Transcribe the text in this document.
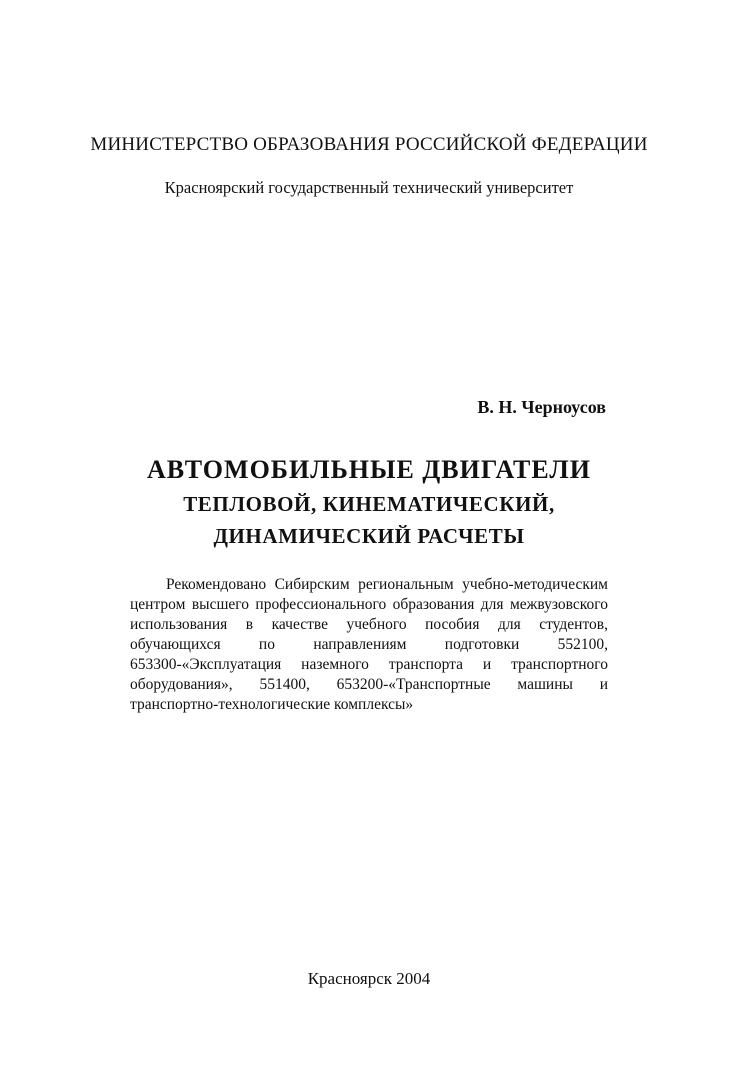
МИНИСТЕРСТВО ОБРАЗОВАНИЯ РОССИЙСКОЙ ФЕДЕРАЦИИ
Красноярский государственный технический университет
В. Н. Черноусов
АВТОМОБИЛЬНЫЕ ДВИГАТЕЛИ
ТЕПЛОВОЙ, КИНЕМАТИЧЕСКИЙ,
ДИНАМИЧЕСКИЙ РАСЧЕТЫ
Рекомендовано Сибирским региональным учебно-методическим центром высшего профессионального образования для межвузовского использования в качестве учебного пособия для студентов, обучающихся по направлениям подготовки 552100, 653300-«Эксплуатация наземного транспорта и транспортного оборудования», 551400, 653200-«Транспортные машины и транспортно-технологические комплексы»
Красноярск 2004
